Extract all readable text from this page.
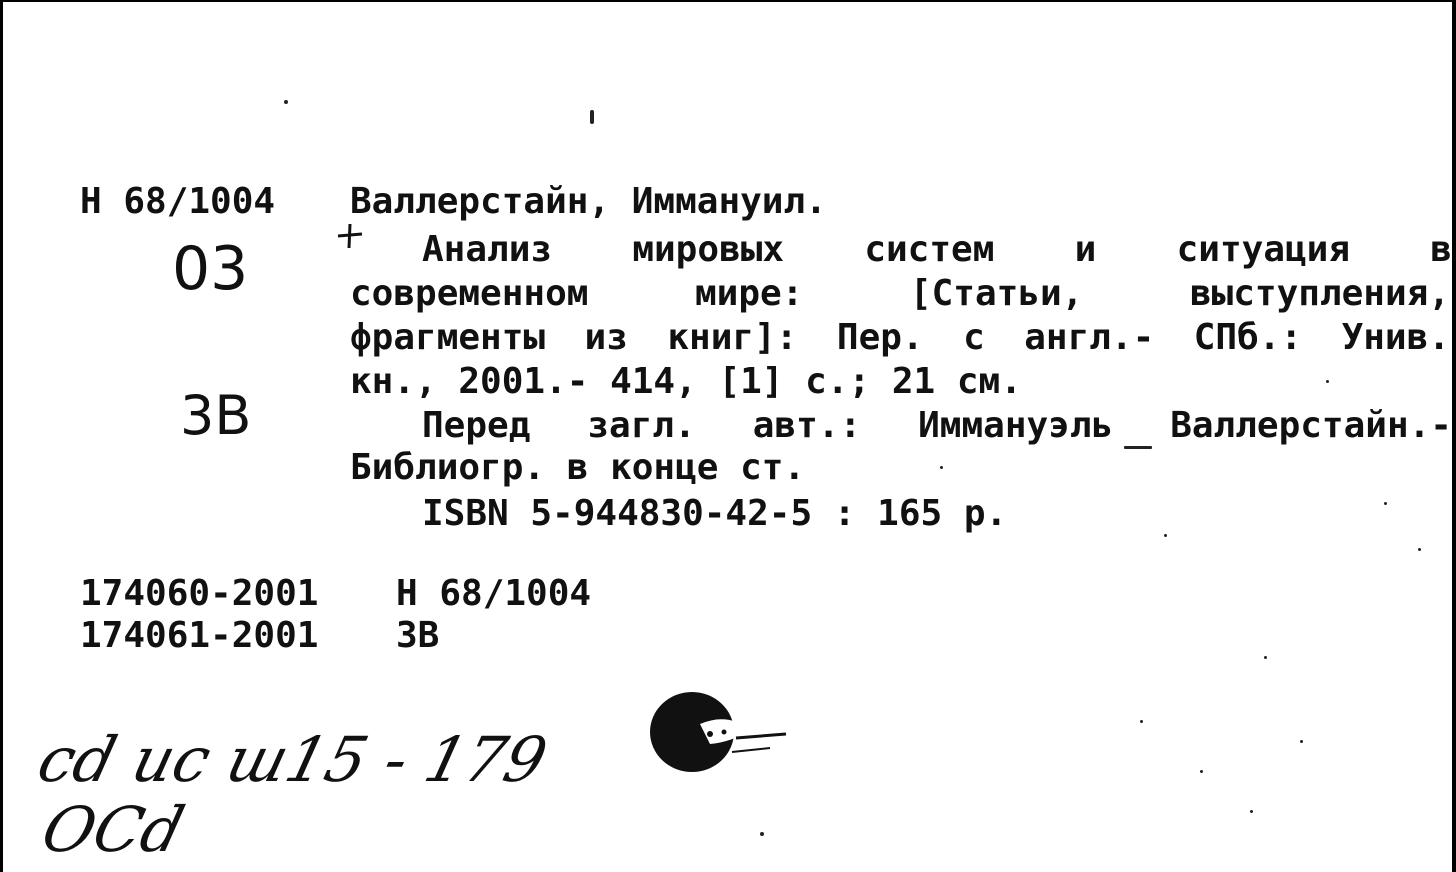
Н 68/1004 Валлерстайн, Иммануил.
03
3В
Анализ мировых систем и ситуация в
современном	мире:	[Статьи,	выступления,
фрагменты из книг]: Пер. с англ.- СПб.: Унив.
кн., 2001.- 414, [1] с.; 21 см.
Перед загл. авт.: Иммануэль Валлерстайн.-
Библиогр. в конце ст.
ISBN 5-944830-42-5 : 165 р.
174060-2001 Н 68/1004
174061-2001 3В
cd иc ш15 - 179
ОСd
